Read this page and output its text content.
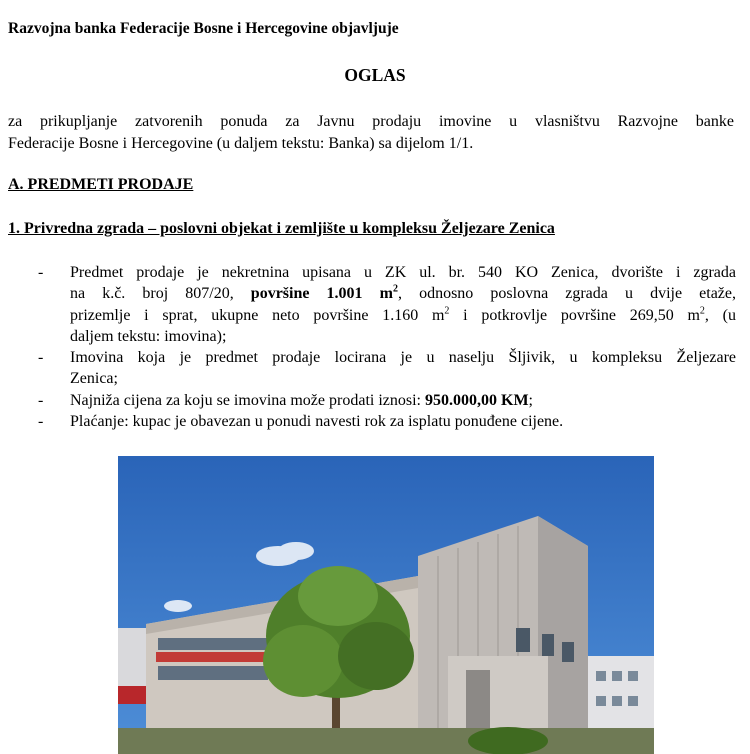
Razvojna banka Federacije Bosne i Hercegovine objavljuje
OGLAS
za prikupljanje zatvorenih ponuda za Javnu prodaju imovine u vlasništvu Razvojne banke
Federacije Bosne i Hercegovine (u daljem tekstu: Banka) sa dijelom 1/1.
A. PREDMETI PRODAJE
1. Privredna zgrada – poslovni objekat i zemljište u kompleksu Željezare Zenica
- Predmet prodaje je nekretnina upisana u ZK ul. br. 540 KO Zenica, dvorište i zgrada
na k.č. broj 807/20, površine 1.001 $m^2$, odnosno poslovna zgrada u dvije etaže,
prizemlje i sprat, ukupne neto površine 1.160 $m^2$ i potkrovlje površine 269,50 $m^2$, (u
daljem tekstu: imovina);
- Imovina koja je predmet prodaje locirana je u naselju Šljivik, u kompleksu Željezare
Zenica;
- Najniža cijena za koju se imovina može prodati iznosi: 950.000,00 KM;
- Plaćanje: kupac je obavezan u ponudi navesti rok za isplatu ponuđene cijene.
